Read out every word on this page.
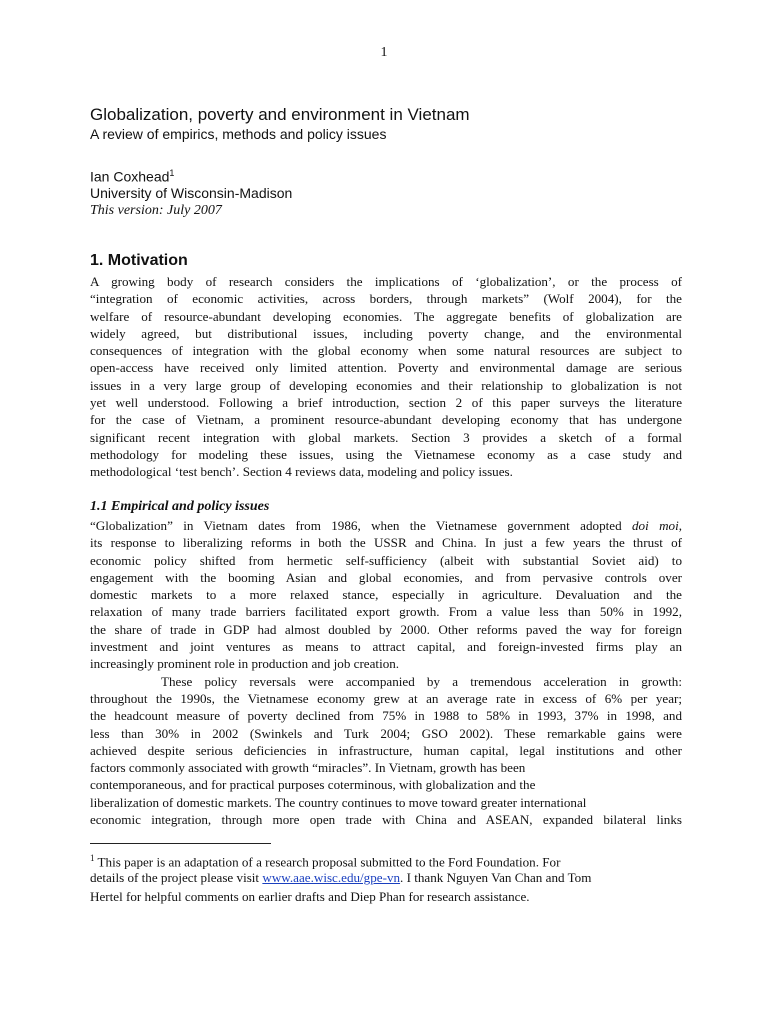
1
Globalization, poverty and environment in Vietnam
A review of empirics, methods and policy issues
Ian Coxhead$^1$
University of Wisconsin-Madison
This version: July 2007
1. Motivation
A growing body of research considers the implications of ‘globalization’, or the process of
“integration of economic activities, across borders, through markets” (Wolf 2004), for the
welfare of resource-abundant developing economies. The aggregate benefits of globalization are
widely agreed, but distributional issues, including poverty change, and the environmental
consequences of integration with the global economy when some natural resources are subject to
open-access have received only limited attention. Poverty and environmental damage are serious
issues in a very large group of developing economies and their relationship to globalization is not
yet well understood. Following a brief introduction, section 2 of this paper surveys the literature
for the case of Vietnam, a prominent resource-abundant developing economy that has undergone
significant recent integration with global markets. Section 3 provides a sketch of a formal
methodology for modeling these issues, using the Vietnamese economy as a case study and
methodological ‘test bench’. Section 4 reviews data, modeling and policy issues.
1.1 Empirical and policy issues
“Globalization” in Vietnam dates from 1986, when the Vietnamese government adopted doi moi,
its response to liberalizing reforms in both the USSR and China. In just a few years the thrust of
economic policy shifted from hermetic self-sufficiency (albeit with substantial Soviet aid) to
engagement with the booming Asian and global economies, and from pervasive controls over
domestic markets to a more relaxed stance, especially in agriculture. Devaluation and the
relaxation of many trade barriers facilitated export growth. From a value less than 50% in 1992,
the share of trade in GDP had almost doubled by 2000. Other reforms paved the way for foreign
investment and joint ventures as means to attract capital, and foreign-invested firms play an
increasingly prominent role in production and job creation.
These policy reversals were accompanied by a tremendous acceleration in growth:
throughout the 1990s, the Vietnamese economy grew at an average rate in excess of 6% per year;
the headcount measure of poverty declined from 75% in 1988 to 58% in 1993, 37% in 1998, and
less than 30% in 2002 (Swinkels and Turk 2004; GSO 2002). These remarkable gains were
achieved despite serious deficiencies in infrastructure, human capital, legal institutions and other
factors commonly associated with growth “miracles”. In Vietnam, growth has been
contemporaneous, and for practical purposes coterminous, with globalization and the
liberalization of domestic markets. The country continues to move toward greater international
economic integration, through more open trade with China and ASEAN, expanded bilateral links
$^1$ This paper is an adaptation of a research proposal submitted to the Ford Foundation. For
details of the project please visit www.aae.wisc.edu/gpe-vn. I thank Nguyen Van Chan and Tom
Hertel for helpful comments on earlier drafts and Diep Phan for research assistance.
